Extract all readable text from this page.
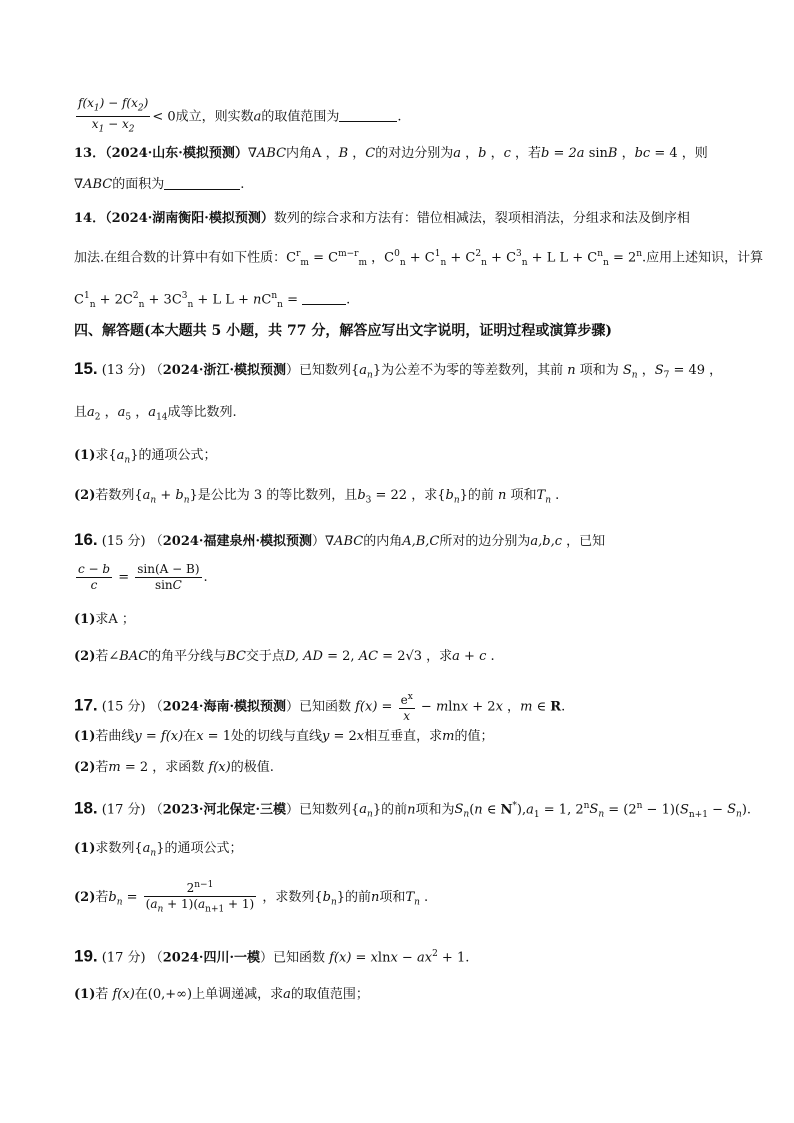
$\frac{f(x_1) - f(x_2)}{x_1 - x_2} < 0$成立，则实数a的取值范围为	.
13．（2024·山东·模拟预测）∇ABC内角A ，B ，C的对边分别为a ，b ，c ，若b = 2a sinB ，bc = 4 ，则
∇ABC的面积为	.
14．（2024·湖南衡阳·模拟预测）数列的综合求和方法有：错位相减法，裂项相消法，分组求和法及倒序相
加法.在组合数的计算中有如下性质：$C^r_m = C^{m-r}_m$ ，$C^0_n + C^1_n + C^2_n + C^3_n + L$ $L + C^n_n = 2^n$.应用上述知识，计算
$C^1_n + 2C^2_n + 3C^3_n + L$ $L + nC^n_n$ =	.
四、解答题(本大题共 5 小题，共 77 分，解答应写出文字说明，证明过程或演算步骤)
15. (13 分) （2024·浙江·模拟预测）已知数列$\{a_n\}$为公差不为零的等差数列，其前 n 项和为 $S_n$ ，$S_7 = 49$ ，
且$a_2$ ，$a_5$ ，$a_{14}$成等比数列.
(1)求$\{a_n\}$的通项公式；
(2)若数列$\{a_n + b_n\}$是公比为 3 的等比数列，且$b_3 = 22$ ，求$\{b_n\}$的前 n 项和$T_n$ .
16. (15 分) （2024·福建泉州·模拟预测）∇ABC的内角A,B,C所对的边分别为a,b,c ，已知
$\frac{c - b}{c} = \frac{\sin(A - B)}{\sin C}$ .
(1)求A ；
(2)若∠BAC的角平分线与BC交于点D, AD = 2, AC = 2√3 ，求a + c .
17. (15 分) （2024·海南·模拟预测）已知函数 $f(x) = \frac{e^x}{x} - mlnx + 2x$ ，m ∈ R.
(1)若曲线y = f(x)在x = 1处的切线与直线y = 2x相互垂直，求m的值；
(2)若m = 2 ，求函数 f(x)的极值.
18. (17 分) （2023·河北保定·三模）已知数列$\{a_n\}$的前n项和为$S_n(n$ ∈ $N^*),a_1 = 1$, $2^nS_n = (2^n - 1)(S_{n+1} - S_n)$.
(1)求数列$\{a_n\}$的通项公式；
(2)若$b_n = \frac{2^{n-1}}{(a_n + 1)(a_{n+1} + 1)}$ ，求数列$\{b_n\}$的前n项和$T_n$ .
19. (17 分) （2024·四川·一模）已知函数 $f(x) = xlnx - ax^2 + 1$.
(1)若 f(x)在(0,+∞)上单调递减，求a的取值范围；
